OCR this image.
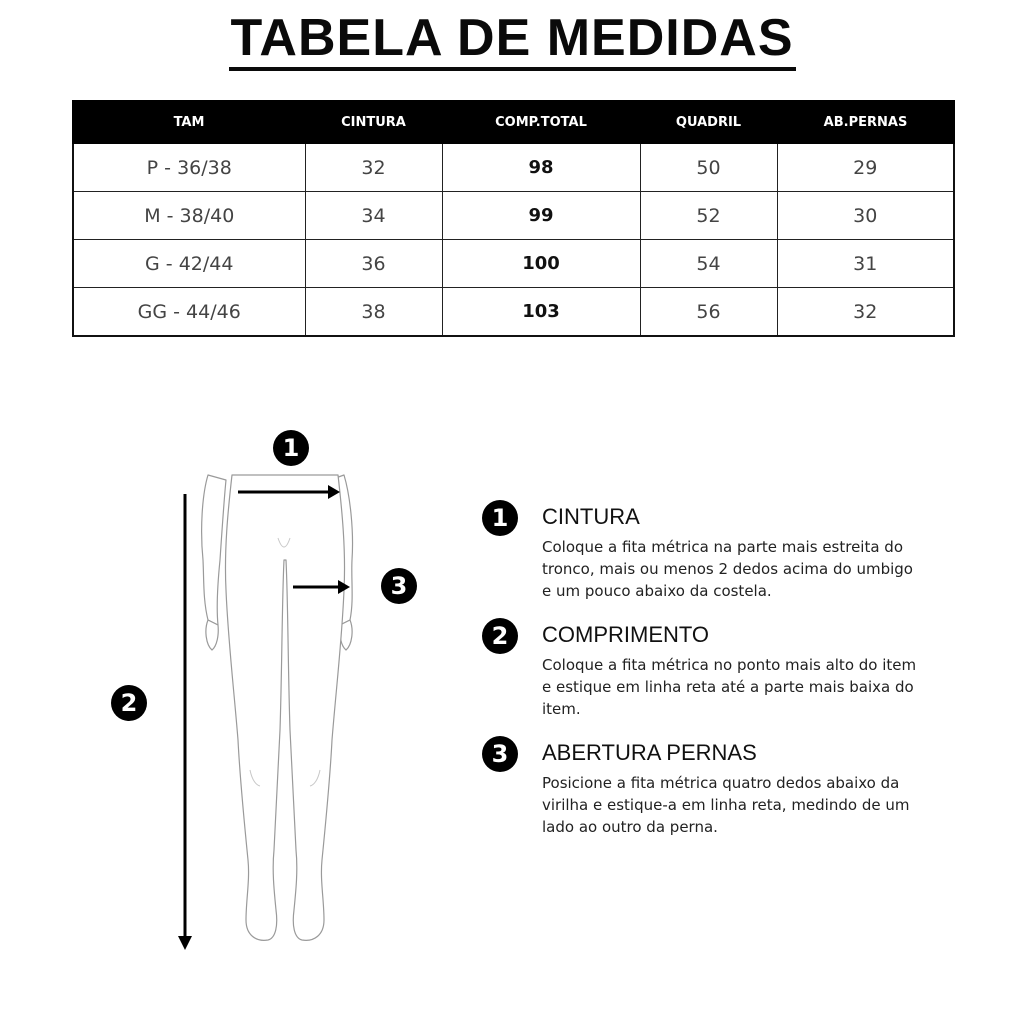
TABELA DE MEDIDAS
TAM	CINTURA	COMP.TOTAL	QUADRIL	AB.PERNAS
P - 36/38	32	98	50	29
M - 38/40	34	99	52	30
G - 42/44	36	100	54	31
GG - 44/46	38	103	56	32
1
3
2
1	CINTURA
Coloque a fita métrica na parte mais estreita do tronco, mais ou menos 2 dedos acima do umbigo e um pouco abaixo da costela.
2	COMPRIMENTO
Coloque a fita métrica no ponto mais alto do item e estique em linha reta até a parte mais baixa do item.
3	ABERTURA PERNAS
Posicione a fita métrica quatro dedos abaixo da virilha e estique-a em linha reta, medindo de um lado ao outro da perna.
